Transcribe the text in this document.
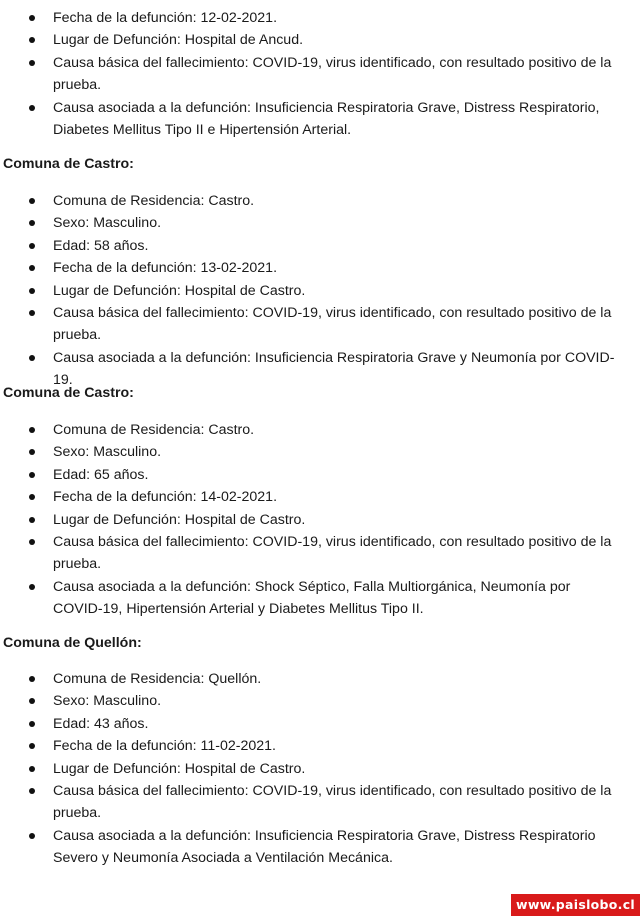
Fecha de la defunción: 12-02-2021.
Lugar de Defunción: Hospital de Ancud.
Causa básica del fallecimiento: COVID-19, virus identificado, con resultado positivo de la prueba.
Causa asociada a la defunción: Insuficiencia Respiratoria Grave, Distress Respiratorio, Diabetes Mellitus Tipo II e Hipertensión Arterial.

Comuna de Castro:

Comuna de Residencia: Castro.
Sexo: Masculino.
Edad: 58 años.
Fecha de la defunción: 13-02-2021.
Lugar de Defunción: Hospital de Castro.
Causa básica del fallecimiento: COVID-19, virus identificado, con resultado positivo de la prueba.
Causa asociada a la defunción: Insuficiencia Respiratoria Grave y Neumonía por COVID-19.

Comuna de Castro:

Comuna de Residencia: Castro.
Sexo: Masculino.
Edad: 65 años.
Fecha de la defunción: 14-02-2021.
Lugar de Defunción: Hospital de Castro.
Causa básica del fallecimiento: COVID-19, virus identificado, con resultado positivo de la prueba.
Causa asociada a la defunción: Shock Séptico, Falla Multiorgánica, Neumonía por COVID-19, Hipertensión Arterial y Diabetes Mellitus Tipo II.

Comuna de Quellón:

Comuna de Residencia: Quellón.
Sexo: Masculino.
Edad: 43 años.
Fecha de la defunción: 11-02-2021.
Lugar de Defunción: Hospital de Castro.
Causa básica del fallecimiento: COVID-19, virus identificado, con resultado positivo de la prueba.
Causa asociada a la defunción: Insuficiencia Respiratoria Grave, Distress Respiratorio Severo y Neumonía Asociada a Ventilación Mecánica.
www.paislobo.cl
